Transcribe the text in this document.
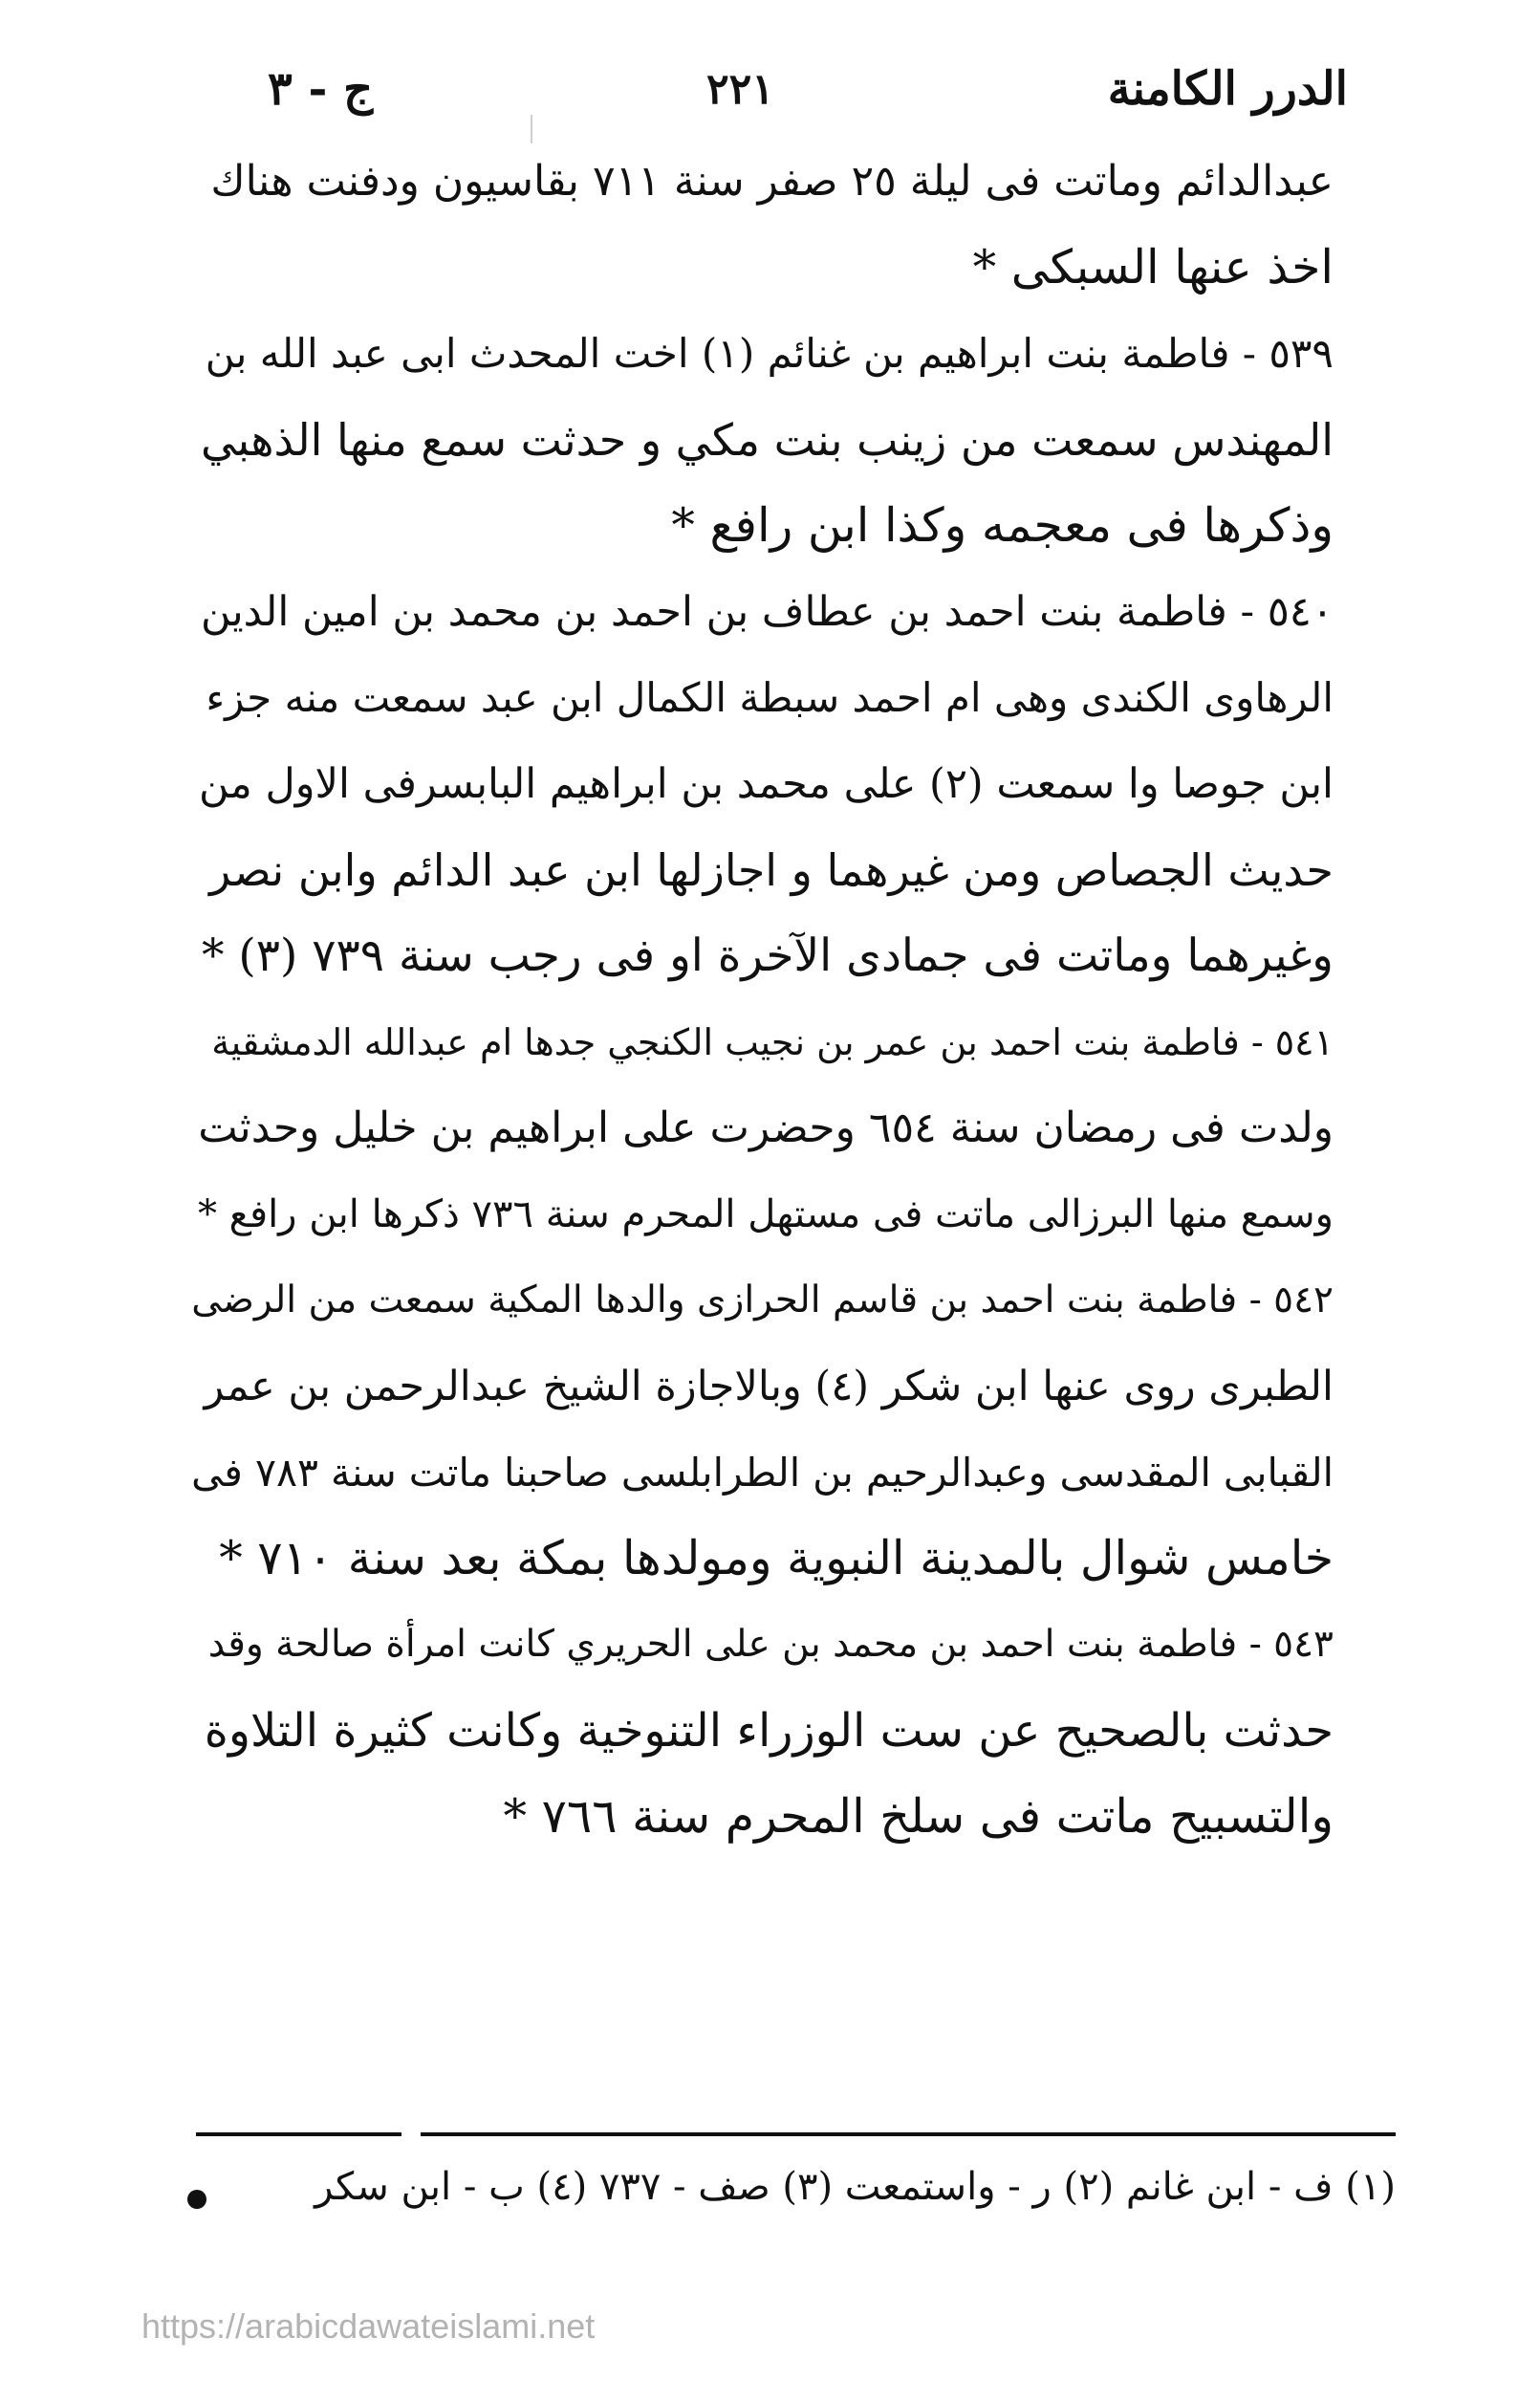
الدرر الكامنة
٢٢١
ج - ٣
عبدالدائم وماتت فى ليلة ٢٥ صفر سنة ٧١١ بقاسيون ودفنت هناك
اخذ عنها السبكى *
٥٣٩ - فاطمة بنت ابراهيم بن غنائم (١) اخت المحدث ابى عبد الله بن
المهندس سمعت من زينب بنت مكي و حدثت سمع منها الذهبي
وذكرها فى معجمه وكذا ابن رافع *
٥٤٠ - فاطمة بنت احمد بن عطاف بن احمد بن محمد بن امين الدين
الرهاوى الكندى وهى ام احمد سبطة الكمال ابن عبد سمعت منه جزء
ابن جوصا وا سمعت (٢) على محمد بن ابراهيم البابسرفى الاول من
حديث الجصاص ومن غيرهما و اجازلها ابن عبد الدائم وابن نصر
وغيرهما وماتت فى جمادى الآخرة او فى رجب سنة ٧٣٩ (٣) *
٥٤١ - فاطمة بنت احمد بن عمر بن نجيب الكنجي جدها ام عبدالله الدمشقية
ولدت فى رمضان سنة ٦٥٤ وحضرت على ابراهيم بن خليل وحدثت
وسمع منها البرزالى ماتت فى مستهل المحرم سنة ٧٣٦ ذكرها ابن رافع *
٥٤٢ - فاطمة بنت احمد بن قاسم الحرازى والدها المكية سمعت من الرضى
الطبرى روى عنها ابن شكر (٤) وبالاجازة الشيخ عبدالرحمن بن عمر
القبابى المقدسى وعبدالرحيم بن الطرابلسى صاحبنا ماتت سنة ٧٨٣ فى
خامس شوال بالمدينة النبوية ومولدها بمكة بعد سنة ٧١٠ *
٥٤٣ - فاطمة بنت احمد بن محمد بن على الحريري كانت امرأة صالحة وقد
حدثت بالصحيح عن ست الوزراء التنوخية وكانت كثيرة التلاوة
والتسبيح ماتت فى سلخ المحرم سنة ٧٦٦ *
(١) ف - ابن غانم (٢) ر - واستمعت (٣) صف - ٧٣٧ (٤) ب - ابن سكر
https://arabicdawateislami.net
